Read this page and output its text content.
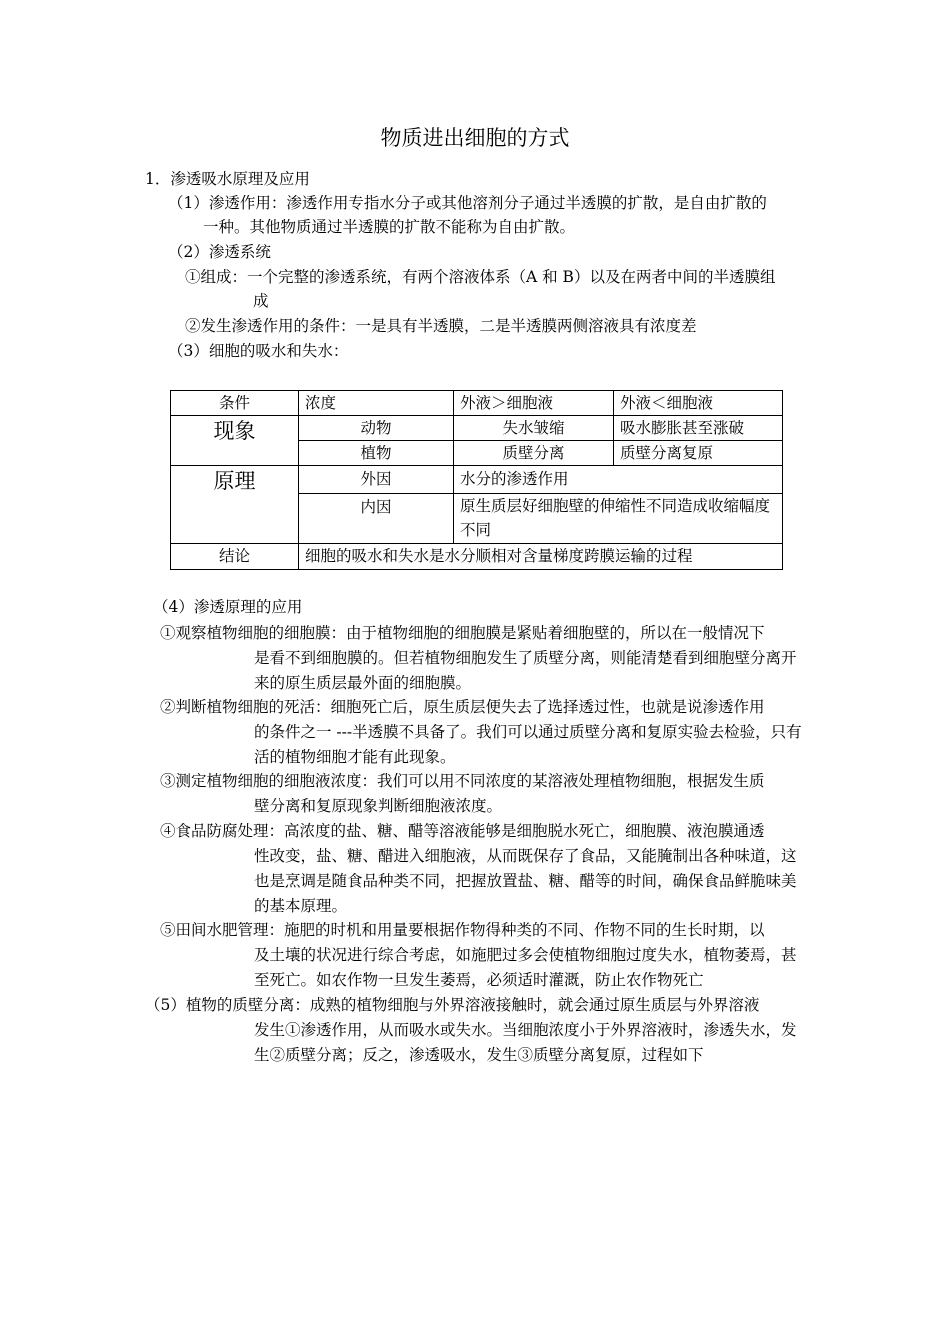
物质进出细胞的方式
1．渗透吸水原理及应用
（1）渗透作用：渗透作用专指水分子或其他溶剂分子通过半透膜的扩散，是自由扩散的
一种。其他物质通过半透膜的扩散不能称为自由扩散。
（2）渗透系统
①组成：一个完整的渗透系统，有两个溶液体系（A 和 B）以及在两者中间的半透膜组
成
②发生渗透作用的条件：一是具有半透膜，二是半透膜两侧溶液具有浓度差
（3）细胞的吸水和失水：
条件	浓度	外液＞细胞液	外液＜细胞液
现象	动物	失水皱缩	吸水膨胀甚至涨破
	植物	质壁分离	质壁分离复原
原理	外因	水分的渗透作用	
	内因	原生质层好细胞壁的伸缩性不同造成收缩幅度不同	
结论	细胞的吸水和失水是水分顺相对含量梯度跨膜运输的过程		
（4）渗透原理的应用
①观察植物细胞的细胞膜：由于植物细胞的细胞膜是紧贴着细胞壁的，所以在一般情况下
是看不到细胞膜的。但若植物细胞发生了质壁分离，则能清楚看到细胞壁分离开来的原生质层最外面的细胞膜。
②判断植物细胞的死活：细胞死亡后，原生质层便失去了选择透过性，也就是说渗透作用
的条件之一 ---半透膜不具备了。我们可以通过质壁分离和复原实验去检验，只有活的植物细胞才能有此现象。
③测定植物细胞的细胞液浓度：我们可以用不同浓度的某溶液处理植物细胞，根据发生质
壁分离和复原现象判断细胞液浓度。
④食品防腐处理：高浓度的盐、糖、醋等溶液能够是细胞脱水死亡，细胞膜、液泡膜通透
性改变，盐、糖、醋进入细胞液，从而既保存了食品，又能腌制出各种味道，这也是烹调是随食品种类不同，把握放置盐、糖、醋等的时间，确保食品鲜脆味美的基本原理。
⑤田间水肥管理：施肥的时机和用量要根据作物得种类的不同、作物不同的生长时期，以
及土壤的状况进行综合考虑，如施肥过多会使植物细胞过度失水，植物萎焉，甚至死亡。如农作物一旦发生萎焉，必须适时灌溉，防止农作物死亡
（5）植物的质壁分离：成熟的植物细胞与外界溶液接触时，就会通过原生质层与外界溶液
发生①渗透作用，从而吸水或失水。当细胞浓度小于外界溶液时，渗透失水，发生②质壁分离；反之，渗透吸水，发生③质壁分离复原，过程如下
